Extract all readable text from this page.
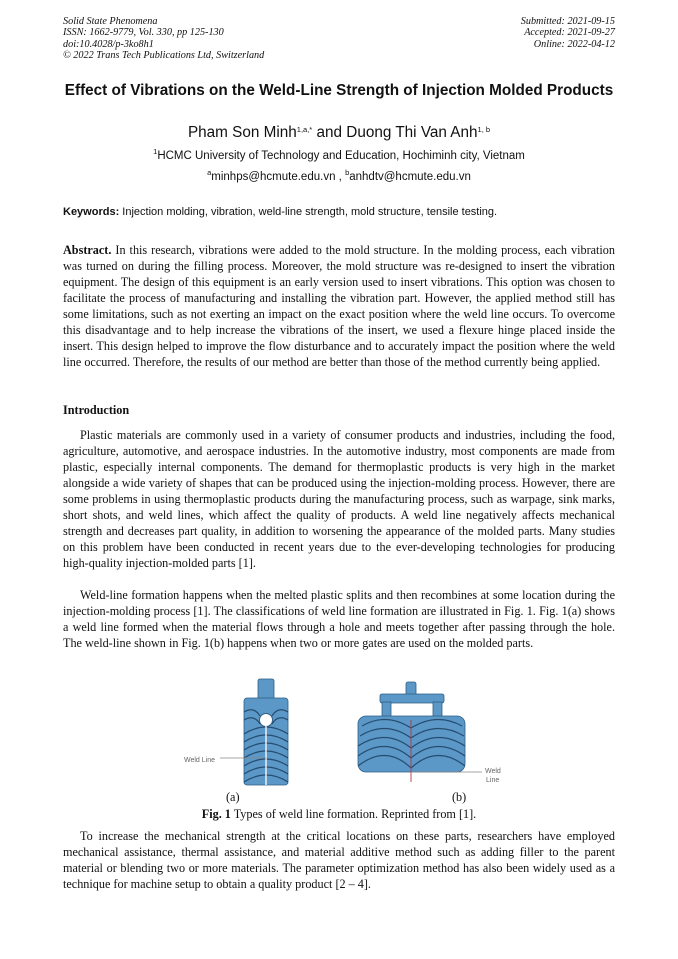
Solid State Phenomena
ISSN: 1662-9779, Vol. 330, pp 125-130
doi:10.4028/p-3ko8h1
© 2022 Trans Tech Publications Ltd, Switzerland
Submitted: 2021-09-15
Accepted: 2021-09-27
Online: 2022-04-12
Effect of Vibrations on the Weld-Line Strength of Injection Molded Products
Pham Son Minh$^{1,a,*}$ and Duong Thi Van Anh$^{1, b}$
$^1$HCMC University of Technology and Education, Hochiminh city, Vietnam
$^a$minhps@hcmute.edu.vn , $^b$anhdtv@hcmute.edu.vn
Keywords: Injection molding, vibration, weld-line strength, mold structure, tensile testing.

Abstract. In this research, vibrations were added to the mold structure. In the molding process, each vibration was turned on during the filling process. Moreover, the mold structure was re-designed to insert the vibration equipment. The design of this equipment is an early version used to insert vibrations. This option was chosen to facilitate the process of manufacturing and installing the vibration part. However, the applied method still has some limitations, such as not exerting an impact on the exact position where the weld line occurs. To overcome this disadvantage and to help increase the vibrations of the insert, we used a flexure hinge placed inside the insert. This design helped to improve the flow disturbance and to accurately impact the position where the weld line occurred. Therefore, the results of our method are better than those of the method currently being applied.

Introduction

Plastic materials are commonly used in a variety of consumer products and industries, including the food, agriculture, automotive, and aerospace industries. In the automotive industry, most components are made from plastic, especially internal components. The demand for thermoplastic products is very high in the market alongside a wide variety of shapes that can be produced using the injection-molding process. However, there are some problems in using thermoplastic products during the manufacturing process, such as warpage, sink marks, short shots, and weld lines, which affect the quality of products. A weld line negatively affects mechanical strength and decreases part quality, in addition to worsening the appearance of the molded parts. Many studies on this problem have been conducted in recent years due to the ever-developing technologies for producing high-quality injection-molded parts [1].

Weld-line formation happens when the melted plastic splits and then recombines at some location during the injection-molding process [1]. The classifications of weld line formation are illustrated in Fig. 1. Fig. 1(a) shows a weld line formed when the material flows through a hole and meets together after passing through the hole. The weld-line shown in Fig. 1(b) happens when two or more gates are used on the molded parts.

Weld Line
Weld
Line
(a)	(b)
Fig. 1 Types of weld line formation. Reprinted from [1].

To increase the mechanical strength at the critical locations on these parts, researchers have employed mechanical assistance, thermal assistance, and material additive method such as adding filler to the parent material or blending two or more materials. The parameter optimization method has also been widely used as a technique for machine setup to obtain a quality product [2 – 4].
